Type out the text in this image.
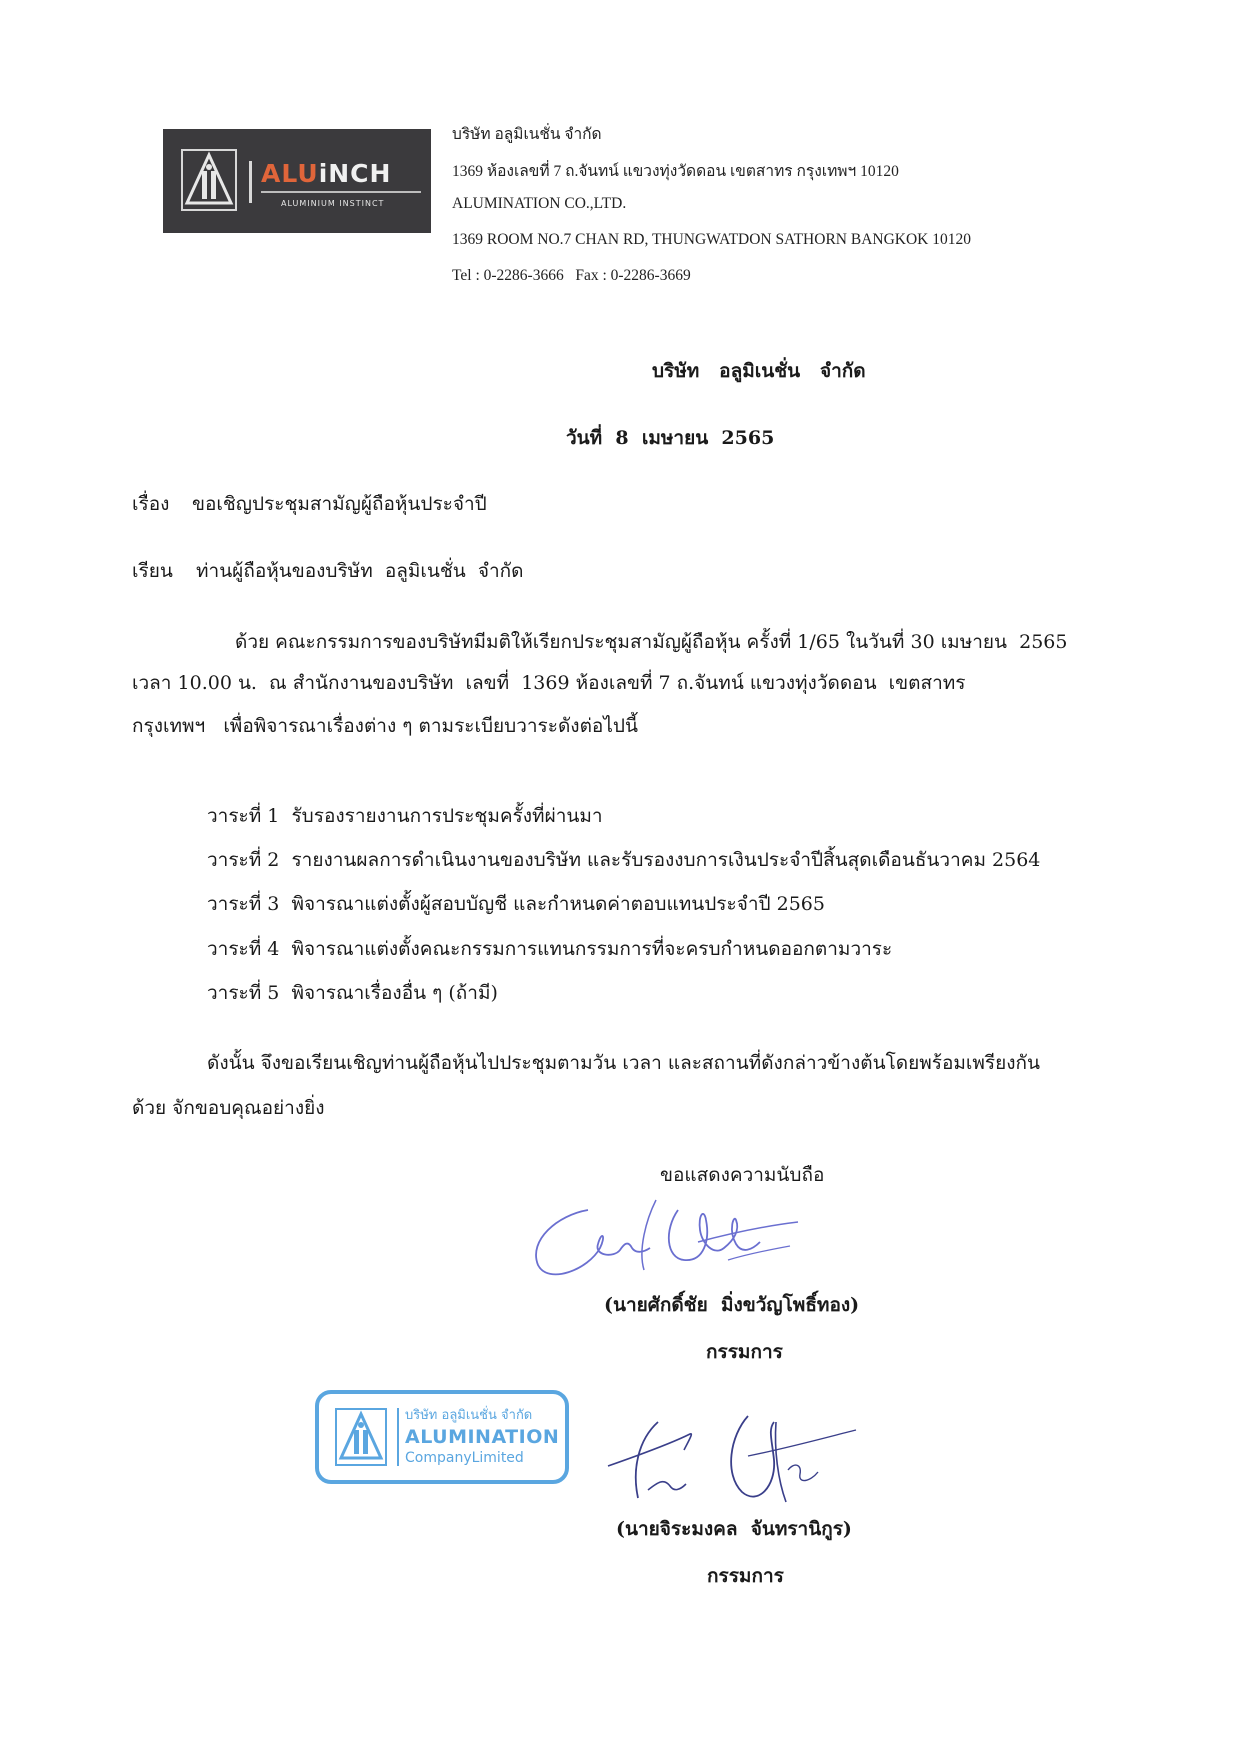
ALUiNCH
ALUMINIUM INSTINCT
บริษัท อลูมิเนชั่น จำกัด
1369 ห้องเลขที่ 7 ถ.จันทน์ แขวงทุ่งวัดดอน เขตสาทร กรุงเทพฯ 10120
ALUMINATION CO.,LTD.
1369 ROOM NO.7 CHAN RD, THUNGWATDON SATHORN BANGKOK 10120
Tel : 0-2286-3666   Fax : 0-2286-3669
บริษัท   อลูมิเนชั่น   จำกัด
วันที่  8  เมษายน  2565
เรื่อง ขอเชิญประชุมสามัญผู้ถือหุ้นประจำปี
เรียน ท่านผู้ถือหุ้นของบริษัท  อลูมิเนชั่น  จำกัด
ด้วย คณะกรรมการของบริษัทมีมติให้เรียกประชุมสามัญผู้ถือหุ้น ครั้งที่ 1/65 ในวันที่ 30 เมษายน  2565
เวลา 10.00 น.  ณ สำนักงานของบริษัท  เลขที่  1369 ห้องเลขที่ 7 ถ.จันทน์ แขวงทุ่งวัดดอน  เขตสาทร
กรุงเทพฯ   เพื่อพิจารณาเรื่องต่าง ๆ ตามระเบียบวาระดังต่อไปนี้
วาระที่ 1  รับรองรายงานการประชุมครั้งที่ผ่านมา
วาระที่ 2  รายงานผลการดำเนินงานของบริษัท และรับรองงบการเงินประจำปีสิ้นสุดเดือนธันวาคม 2564
วาระที่ 3  พิจารณาแต่งตั้งผู้สอบบัญชี และกำหนดค่าตอบแทนประจำปี 2565
วาระที่ 4  พิจารณาแต่งตั้งคณะกรรมการแทนกรรมการที่จะครบกำหนดออกตามวาระ
วาระที่ 5  พิจารณาเรื่องอื่น ๆ (ถ้ามี)
ดังนั้น จึงขอเรียนเชิญท่านผู้ถือหุ้นไปประชุมตามวัน เวลา และสถานที่ดังกล่าวข้างต้นโดยพร้อมเพรียงกัน
ด้วย จักขอบคุณอย่างยิ่ง
ขอแสดงความนับถือ
(นายศักดิ์ชัย  มิ่งขวัญโพธิ์ทอง)
กรรมการ
บริษัท อลูมิเนชั่น จำกัด
ALUMINATION
CompanyLimited
(นายจิระมงคล  จันทรานิกูร)
กรรมการ
